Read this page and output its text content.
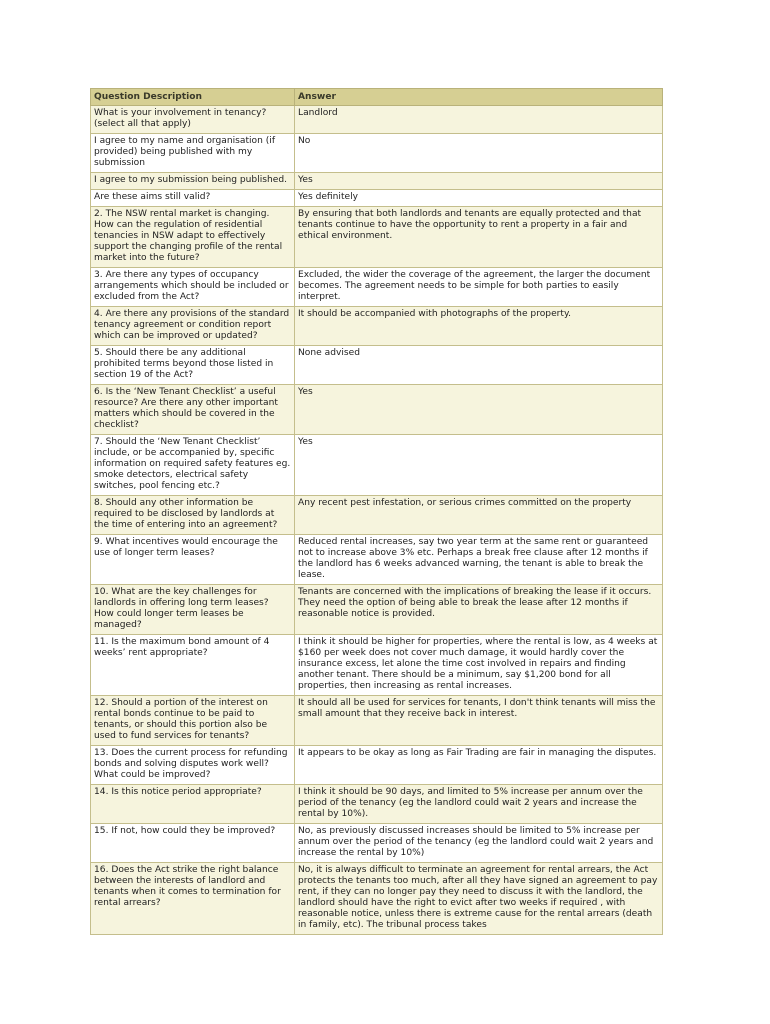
Question Description	Answer
What is your involvement in tenancy? (select all that apply)	Landlord
I agree to my name and organisation (if provided) being published with my submission	No
I agree to my submission being published.	Yes
Are these aims still valid?	Yes definitely
2. The NSW rental market is changing. How can the regulation of residential tenancies in NSW adapt to effectively support the changing profile of the rental market into the future?	By ensuring that both landlords and tenants are equally protected and that tenants continue to have the opportunity to rent a property in a fair and ethical environment.
3. Are there any types of occupancy arrangements which should be included or excluded from the Act?	Excluded, the wider the coverage of the agreement, the larger the document becomes. The agreement needs to be simple for both parties to easily interpret.
4. Are there any provisions of the standard tenancy agreement or condition report which can be improved or updated?	It should be accompanied with photographs of the property.
5. Should there be any additional prohibited terms beyond those listed in section 19 of the Act?	None advised
6. Is the ‘New Tenant Checklist’ a useful resource? Are there any other important matters which should be covered in the checklist?	Yes
7. Should the ‘New Tenant Checklist’ include, or be accompanied by, specific information on required safety features eg. smoke detectors, electrical safety switches, pool fencing etc.?	Yes
8. Should any other information be required to be disclosed by landlords at the time of entering into an agreement?	Any recent pest infestation, or serious crimes committed on the property
9. What incentives would encourage the use of longer term leases?	Reduced rental increases, say two year term at the same rent or guaranteed not to increase above 3% etc. Perhaps a break free clause after 12 months if the landlord has 6 weeks advanced warning, the tenant is able to break the lease.
10. What are the key challenges for landlords in offering long term leases? How could longer term leases be managed?	Tenants are concerned with the implications of breaking the lease if it occurs. They need the option of being able to break the lease after 12 months if reasonable notice is provided.
11. Is the maximum bond amount of 4 weeks’ rent appropriate?	I think it should be higher for properties, where the rental is low, as 4 weeks at $160 per week does not cover much damage, it would hardly cover the insurance excess, let alone the time cost involved in repairs and finding another tenant. There should be a minimum, say $1,200 bond for all properties, then increasing as rental increases.
12. Should a portion of the interest on rental bonds continue to be paid to tenants, or should this portion also be used to fund services for tenants?	It should all be used for services for tenants, I don't think tenants will miss the small amount that they receive back in interest.
13. Does the current process for refunding bonds and solving disputes work well? What could be improved?	It appears to be okay as long as Fair Trading are fair in managing the disputes.
14. Is this notice period appropriate?	I think it should be 90 days, and limited to 5% increase per annum over the period of the tenancy (eg the landlord could wait 2 years and increase the rental by 10%).
15. If not, how could they be improved?	No, as previously discussed increases should be limited to 5% increase per annum over the period of the tenancy (eg the landlord could wait 2 years and increase the rental by 10%)
16. Does the Act strike the right balance between the interests of landlord and tenants when it comes to termination for rental arrears?	No, it is always difficult to terminate an agreement for rental arrears, the Act protects the tenants too much, after all they have signed an agreement to pay rent, if they can no longer pay they need to discuss it with the landlord, the landlord should have the right to evict after two weeks if required , with reasonable notice, unless there is extreme cause for the rental arrears (death in family, etc). The tribunal process takes
